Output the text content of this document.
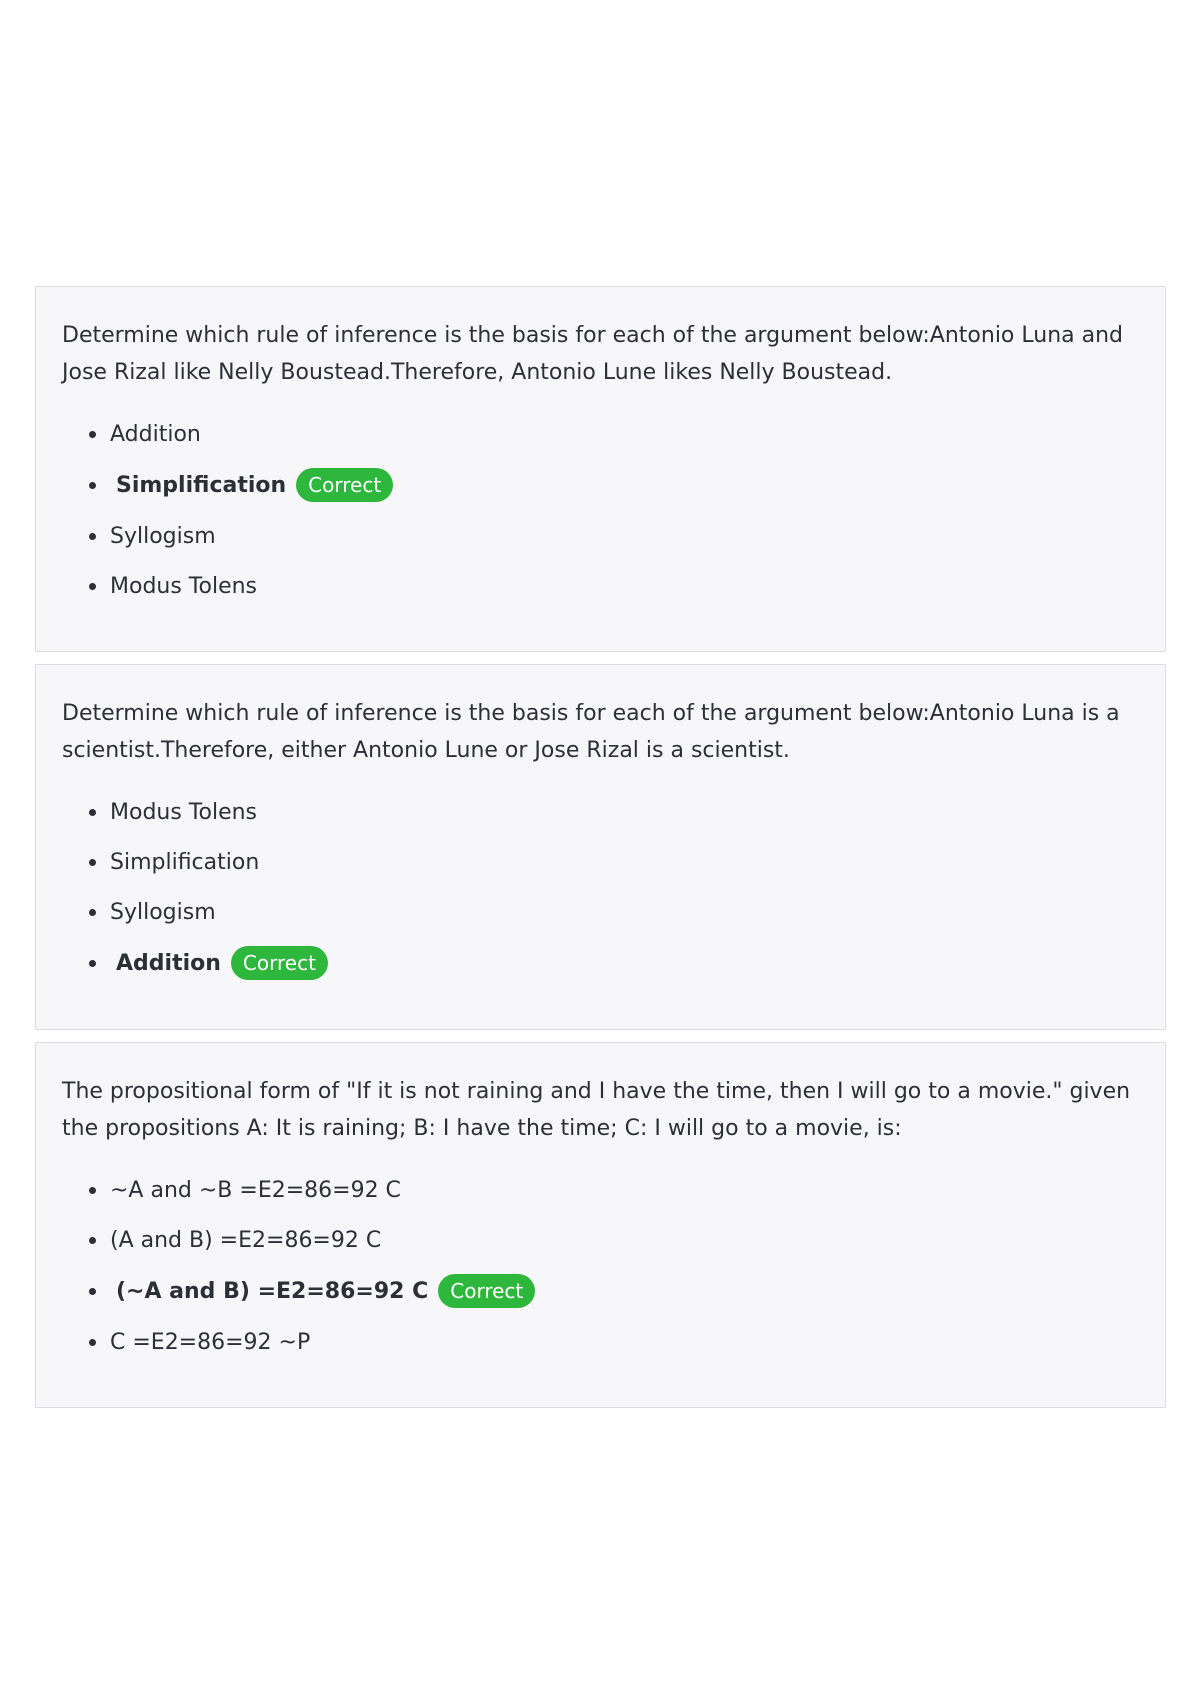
Determine which rule of inference is the basis for each of the argument below:Antonio Luna and Jose Rizal like Nelly Boustead.Therefore, Antonio Lune likes Nelly Boustead.

Addition
Simplification	Correct
Syllogism
Modus Tolens

Determine which rule of inference is the basis for each of the argument below:Antonio Luna is a scientist.Therefore, either Antonio Lune or Jose Rizal is a scientist.

Modus Tolens
Simplification
Syllogism
Addition	Correct

The propositional form of "If it is not raining and I have the time, then I will go to a movie." given the propositions A: It is raining; B: I have the time; C: I will go to a movie, is:

~A and ~B =E2=86=92 C
(A and B) =E2=86=92 C
(~A and B) =E2=86=92 C	Correct
C =E2=86=92 ~P
